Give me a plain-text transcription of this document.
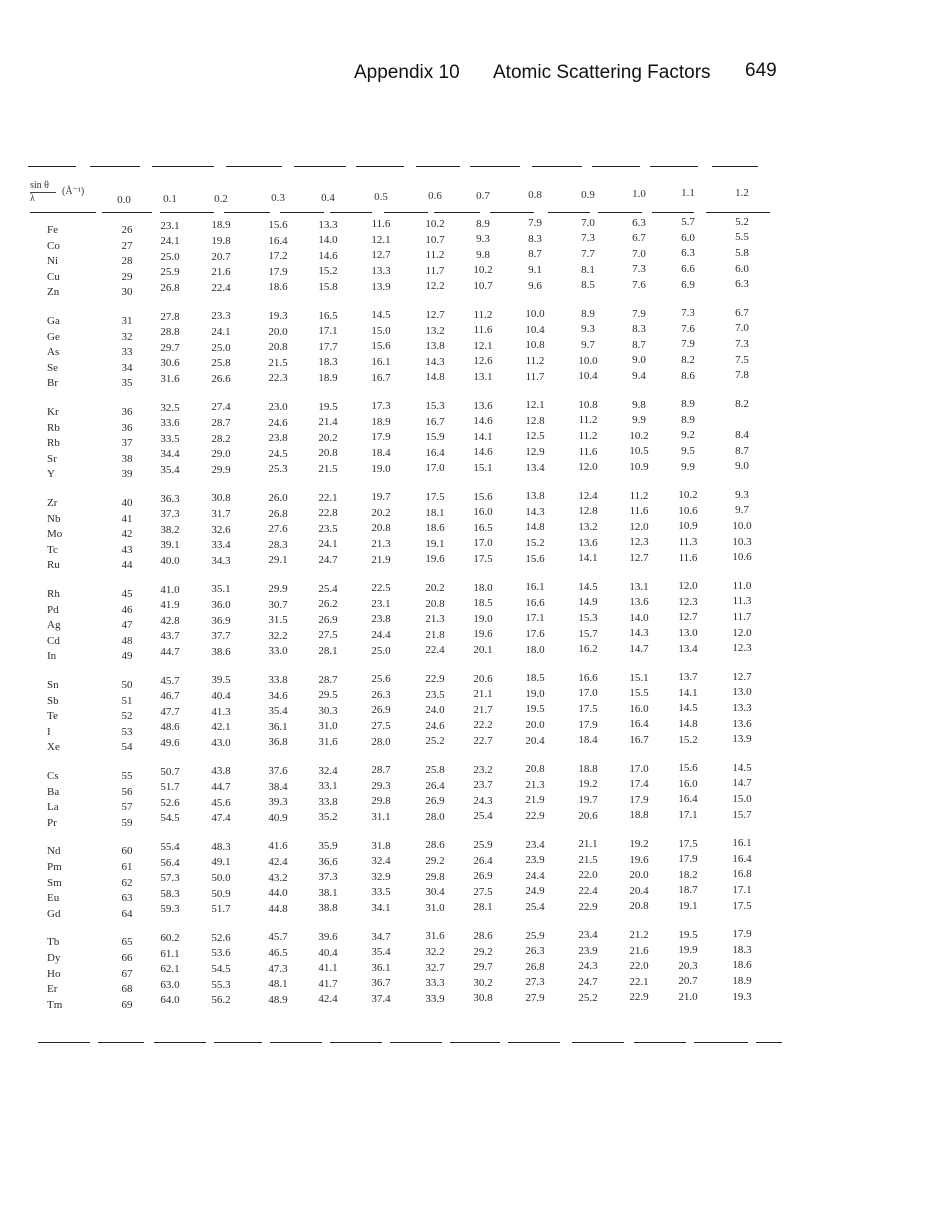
Appendix 10 Atomic Scattering Factors 649
$\frac{\text{sin θ}}{\lambda}$ (Å⁻¹)
0.0	0.1	0.2	0.3	0.4	0.5	0.6	0.7	0.8	0.9	1.0	1.1	1.2
Fe	26	23.1	18.9	15.6	13.3	11.6	10.2	8.9	7.9	7.0	6.3	5.7	5.2
Co	27	24.1	19.8	16.4	14.0	12.1	10.7	9.3	8.3	7.3	6.7	6.0	5.5
Ni	28	25.0	20.7	17.2	14.6	12.7	11.2	9.8	8.7	7.7	7.0	6.3	5.8
Cu	29	25.9	21.6	17.9	15.2	13.3	11.7	10.2	9.1	8.1	7.3	6.6	6.0
Zn	30	26.8	22.4	18.6	15.8	13.9	12.2	10.7	9.6	8.5	7.6	6.9	6.3
Ga	31	27.8	23.3	19.3	16.5	14.5	12.7	11.2	10.0	8.9	7.9	7.3	6.7
Ge	32	28.8	24.1	20.0	17.1	15.0	13.2	11.6	10.4	9.3	8.3	7.6	7.0
As	33	29.7	25.0	20.8	17.7	15.6	13.8	12.1	10.8	9.7	8.7	7.9	7.3
Se	34	30.6	25.8	21.5	18.3	16.1	14.3	12.6	11.2	10.0	9.0	8.2	7.5
Br	35	31.6	26.6	22.3	18.9	16.7	14.8	13.1	11.7	10.4	9.4	8.6	7.8
Kr	36	32.5	27.4	23.0	19.5	17.3	15.3	13.6	12.1	10.8	9.8	8.9	8.2
Rb	36	33.6	28.7	24.6	21.4	18.9	16.7	14.6	12.8	11.2	9.9	8.9
Rb	37	33.5	28.2	23.8	20.2	17.9	15.9	14.1	12.5	11.2	10.2	9.2	8.4
Sr	38	34.4	29.0	24.5	20.8	18.4	16.4	14.6	12.9	11.6	10.5	9.5	8.7
Y	39	35.4	29.9	25.3	21.5	19.0	17.0	15.1	13.4	12.0	10.9	9.9	9.0
Zr	40	36.3	30.8	26.0	22.1	19.7	17.5	15.6	13.8	12.4	11.2	10.2	9.3
Nb	41	37.3	31.7	26.8	22.8	20.2	18.1	16.0	14.3	12.8	11.6	10.6	9.7
Mo	42	38.2	32.6	27.6	23.5	20.8	18.6	16.5	14.8	13.2	12.0	10.9	10.0
Tc	43	39.1	33.4	28.3	24.1	21.3	19.1	17.0	15.2	13.6	12.3	11.3	10.3
Ru	44	40.0	34.3	29.1	24.7	21.9	19.6	17.5	15.6	14.1	12.7	11.6	10.6
Rh	45	41.0	35.1	29.9	25.4	22.5	20.2	18.0	16.1	14.5	13.1	12.0	11.0
Pd	46	41.9	36.0	30.7	26.2	23.1	20.8	18.5	16.6	14.9	13.6	12.3	11.3
Ag	47	42.8	36.9	31.5	26.9	23.8	21.3	19.0	17.1	15.3	14.0	12.7	11.7
Cd	48	43.7	37.7	32.2	27.5	24.4	21.8	19.6	17.6	15.7	14.3	13.0	12.0
In	49	44.7	38.6	33.0	28.1	25.0	22.4	20.1	18.0	16.2	14.7	13.4	12.3
Sn	50	45.7	39.5	33.8	28.7	25.6	22.9	20.6	18.5	16.6	15.1	13.7	12.7
Sb	51	46.7	40.4	34.6	29.5	26.3	23.5	21.1	19.0	17.0	15.5	14.1	13.0
Te	52	47.7	41.3	35.4	30.3	26.9	24.0	21.7	19.5	17.5	16.0	14.5	13.3
I	53	48.6	42.1	36.1	31.0	27.5	24.6	22.2	20.0	17.9	16.4	14.8	13.6
Xe	54	49.6	43.0	36.8	31.6	28.0	25.2	22.7	20.4	18.4	16.7	15.2	13.9
Cs	55	50.7	43.8	37.6	32.4	28.7	25.8	23.2	20.8	18.8	17.0	15.6	14.5
Ba	56	51.7	44.7	38.4	33.1	29.3	26.4	23.7	21.3	19.2	17.4	16.0	14.7
La	57	52.6	45.6	39.3	33.8	29.8	26.9	24.3	21.9	19.7	17.9	16.4	15.0
Pr	59	54.5	47.4	40.9	35.2	31.1	28.0	25.4	22.9	20.6	18.8	17.1	15.7
Nd	60	55.4	48.3	41.6	35.9	31.8	28.6	25.9	23.4	21.1	19.2	17.5	16.1
Pm	61	56.4	49.1	42.4	36.6	32.4	29.2	26.4	23.9	21.5	19.6	17.9	16.4
Sm	62	57.3	50.0	43.2	37.3	32.9	29.8	26.9	24.4	22.0	20.0	18.2	16.8
Eu	63	58.3	50.9	44.0	38.1	33.5	30.4	27.5	24.9	22.4	20.4	18.7	17.1
Gd	64	59.3	51.7	44.8	38.8	34.1	31.0	28.1	25.4	22.9	20.8	19.1	17.5
Tb	65	60.2	52.6	45.7	39.6	34.7	31.6	28.6	25.9	23.4	21.2	19.5	17.9
Dy	66	61.1	53.6	46.5	40.4	35.4	32.2	29.2	26.3	23.9	21.6	19.9	18.3
Ho	67	62.1	54.5	47.3	41.1	36.1	32.7	29.7	26.8	24.3	22.0	20.3	18.6
Er	68	63.0	55.3	48.1	41.7	36.7	33.3	30.2	27.3	24.7	22.1	20.7	18.9
Tm	69	64.0	56.2	48.9	42.4	37.4	33.9	30.8	27.9	25.2	22.9	21.0	19.3
